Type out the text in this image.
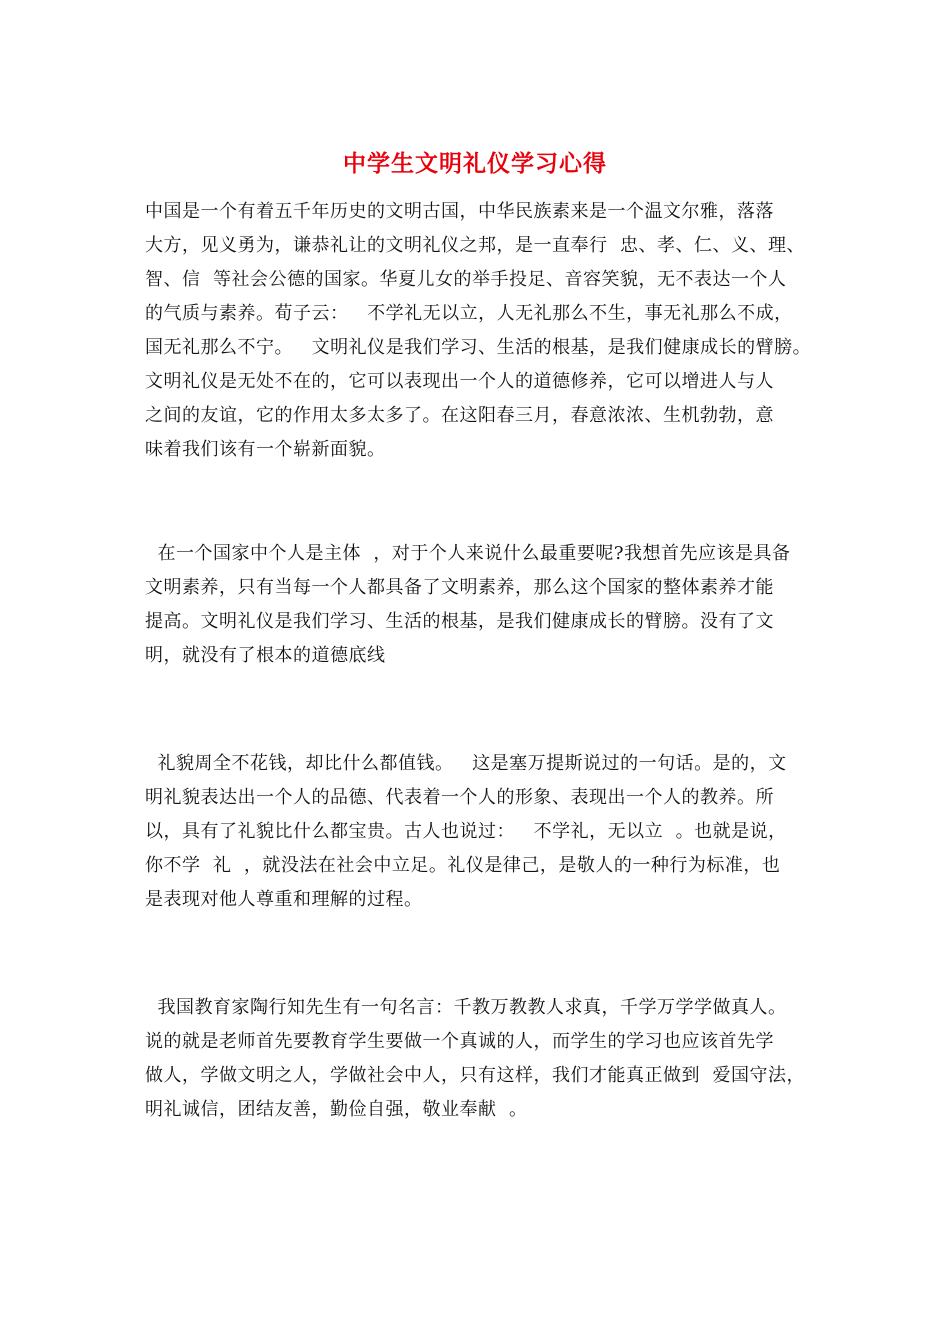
中学生文明礼仪学习心得
中国是一个有着五千年历史的文明古国，中华民族素来是一个温文尔雅，落落
大方，见义勇为，谦恭礼让的文明礼仪之邦，是一直奉行  忠、孝、仁、义、理、
智、信  等社会公德的国家。华夏儿女的举手投足、音容笑貌，无不表达一个人
的气质与素养。荀子云：   不学礼无以立，人无礼那么不生，事无礼那么不成，
国无礼那么不宁。   文明礼仪是我们学习、生活的根基，是我们健康成长的臂膀。
文明礼仪是无处不在的，它可以表现出一个人的道德修养，它可以增进人与人
之间的友谊，它的作用太多太多了。在这阳春三月，春意浓浓、生机勃勃，意
味着我们该有一个崭新面貌。
在一个国家中个人是主体  ，对于个人来说什么最重要呢?我想首先应该是具备
文明素养，只有当每一个人都具备了文明素养，那么这个国家的整体素养才能
提高。文明礼仪是我们学习、生活的根基，是我们健康成长的臂膀。没有了文
明，就没有了根本的道德底线
礼貌周全不花钱，却比什么都值钱。   这是塞万提斯说过的一句话。是的，文
明礼貌表达出一个人的品德、代表着一个人的形象、表现出一个人的教养。所
以，具有了礼貌比什么都宝贵。古人也说过：   不学礼，无以立  。也就是说，
你不学  礼  ，就没法在社会中立足。礼仪是律己，是敬人的一种行为标准，也
是表现对他人尊重和理解的过程。
我国教育家陶行知先生有一句名言：千教万教教人求真，千学万学学做真人。
说的就是老师首先要教育学生要做一个真诚的人，而学生的学习也应该首先学
做人，学做文明之人，学做社会中人，只有这样，我们才能真正做到  爱国守法，
明礼诚信，团结友善，勤俭自强，敬业奉献  。
